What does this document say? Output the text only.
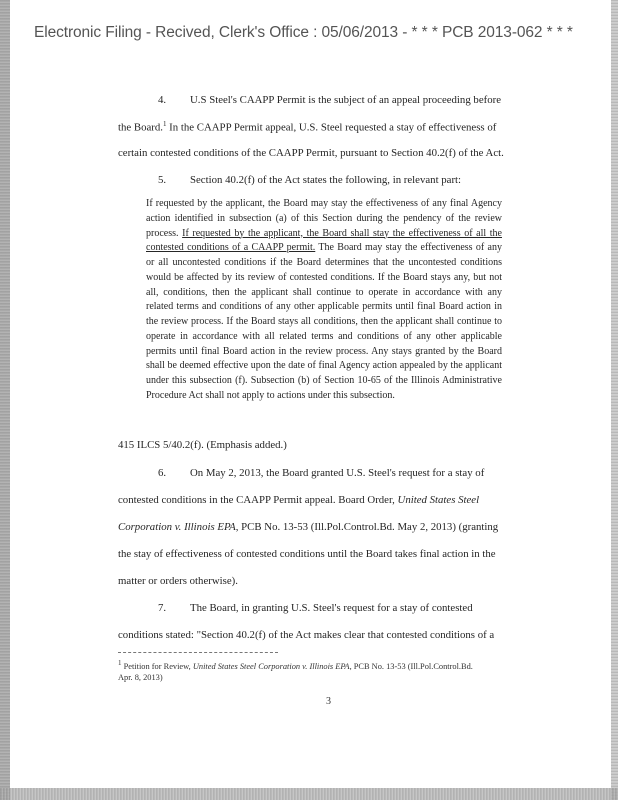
Electronic Filing - Recived, Clerk's Office : 05/06/2013 - * * * PCB 2013-062 * * *
4. U.S Steel's CAAPP Permit is the subject of an appeal proceeding before
the Board.$^1$ In the CAAPP Permit appeal, U.S. Steel requested a stay of effectiveness of
certain contested conditions of the CAAPP Permit, pursuant to Section 40.2(f) of the Act.
5. Section 40.2(f) of the Act states the following, in relevant part:
If requested by the applicant, the Board may stay the effectiveness of any final Agency action identified in subsection (a) of this Section during the pendency of the review process. If requested by the applicant, the Board shall stay the effectiveness of all the contested conditions of a CAAPP permit. The Board may stay the effectiveness of any or all uncontested conditions if the Board determines that the uncontested conditions would be affected by its review of contested conditions. If the Board stays any, but not all, conditions, then the applicant shall continue to operate in accordance with any related terms and conditions of any other applicable permits until final Board action in the review process. If the Board stays all conditions, then the applicant shall continue to operate in accordance with all related terms and conditions of any other applicable permits until final Board action in the review process. Any stays granted by the Board shall be deemed effective upon the date of final Agency action appealed by the applicant under this subsection (f). Subsection (b) of Section 10-65 of the Illinois Administrative Procedure Act shall not apply to actions under this subsection.
415 ILCS 5/40.2(f). (Emphasis added.)
6. On May 2, 2013, the Board granted U.S. Steel's request for a stay of
contested conditions in the CAAPP Permit appeal. Board Order, United States Steel
Corporation v. Illinois EPA, PCB No. 13-53 (Ill.Pol.Control.Bd. May 2, 2013) (granting
the stay of effectiveness of contested conditions until the Board takes final action in the
matter or orders otherwise).
7. The Board, in granting U.S. Steel's request for a stay of contested
conditions stated: "Section 40.2(f) of the Act makes clear that contested conditions of a
$^1$ Petition for Review, United States Steel Corporation v. Illinois EPA, PCB No. 13-53 (Ill.Pol.Control.Bd.
Apr. 8, 2013)
3
